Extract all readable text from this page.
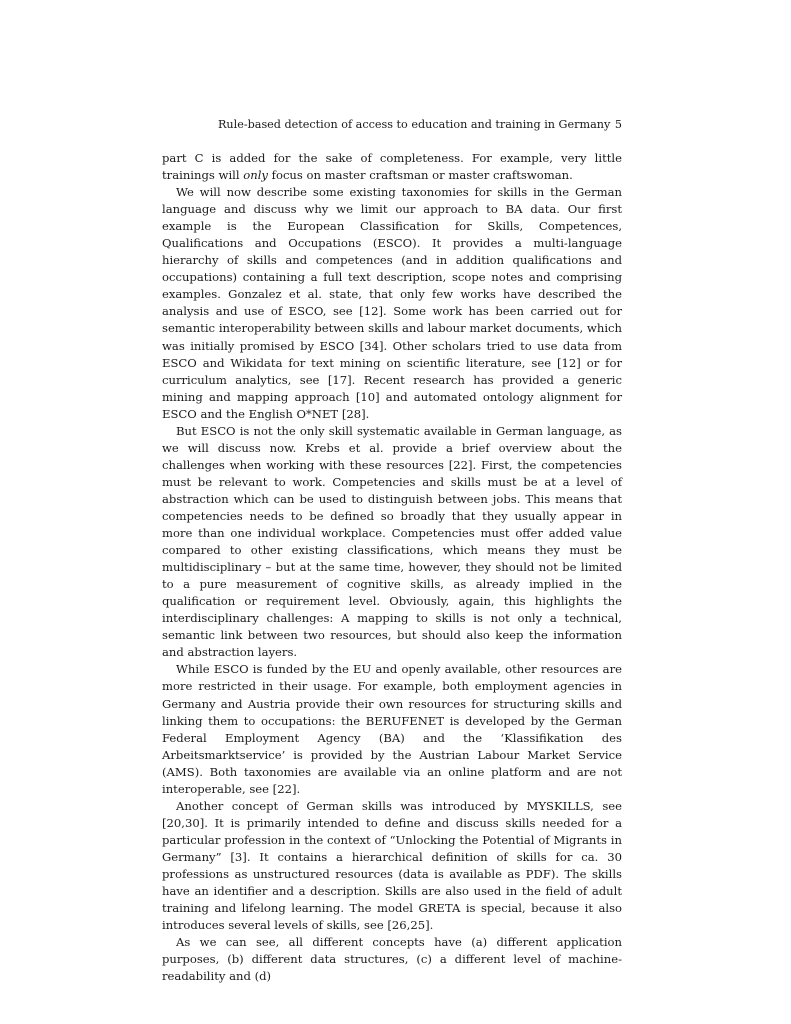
Rule-based detection of access to education and training in Germany 5

part C is added for the sake of completeness. For example, very little trainings will only focus on master craftsman or master craftswoman.

We will now describe some existing taxonomies for skills in the German language and discuss why we limit our approach to BA data. Our first example is the European Classification for Skills, Competences, Qualifications and Occupations (ESCO). It provides a multi-language hierarchy of skills and competences (and in addition qualifications and occupations) containing a full text description, scope notes and comprising examples. Gonzalez et al. state, that only few works have described the analysis and use of ESCO, see [12]. Some work has been carried out for semantic interoperability between skills and labour market documents, which was initially promised by ESCO [34]. Other scholars tried to use data from ESCO and Wikidata for text mining on scientific literature, see [12] or for curriculum analytics, see [17]. Recent research has provided a generic mining and mapping approach [10] and automated ontology alignment for ESCO and the English O*NET [28].

But ESCO is not the only skill systematic available in German language, as we will discuss now. Krebs et al. provide a brief overview about the challenges when working with these resources [22]. First, the competencies must be relevant to work. Competencies and skills must be at a level of abstraction which can be used to distinguish between jobs. This means that competencies needs to be defined so broadly that they usually appear in more than one individual workplace. Competencies must offer added value compared to other existing classifications, which means they must be multidisciplinary – but at the same time, however, they should not be limited to a pure measurement of cognitive skills, as already implied in the qualification or requirement level. Obviously, again, this highlights the interdisciplinary challenges: A mapping to skills is not only a technical, semantic link between two resources, but should also keep the information and abstraction layers.

While ESCO is funded by the EU and openly available, other resources are more restricted in their usage. For example, both employment agencies in Germany and Austria provide their own resources for structuring skills and linking them to occupations: the BERUFENET is developed by the German Federal Employment Agency (BA) and the ‘Klassifikation des Arbeitsmarktservice’ is provided by the Austrian Labour Market Service (AMS). Both taxonomies are available via an online platform and are not interoperable, see [22].

Another concept of German skills was introduced by MYSKILLS, see [20,30]. It is primarily intended to define and discuss skills needed for a particular profession in the context of “Unlocking the Potential of Migrants in Germany” [3]. It contains a hierarchical definition of skills for ca. 30 professions as unstructured resources (data is available as PDF). The skills have an identifier and a description. Skills are also used in the field of adult training and lifelong learning. The model GRETA is special, because it also introduces several levels of skills, see [26,25].

As we can see, all different concepts have (a) different application purposes, (b) different data structures, (c) a different level of machine-readability and (d)
